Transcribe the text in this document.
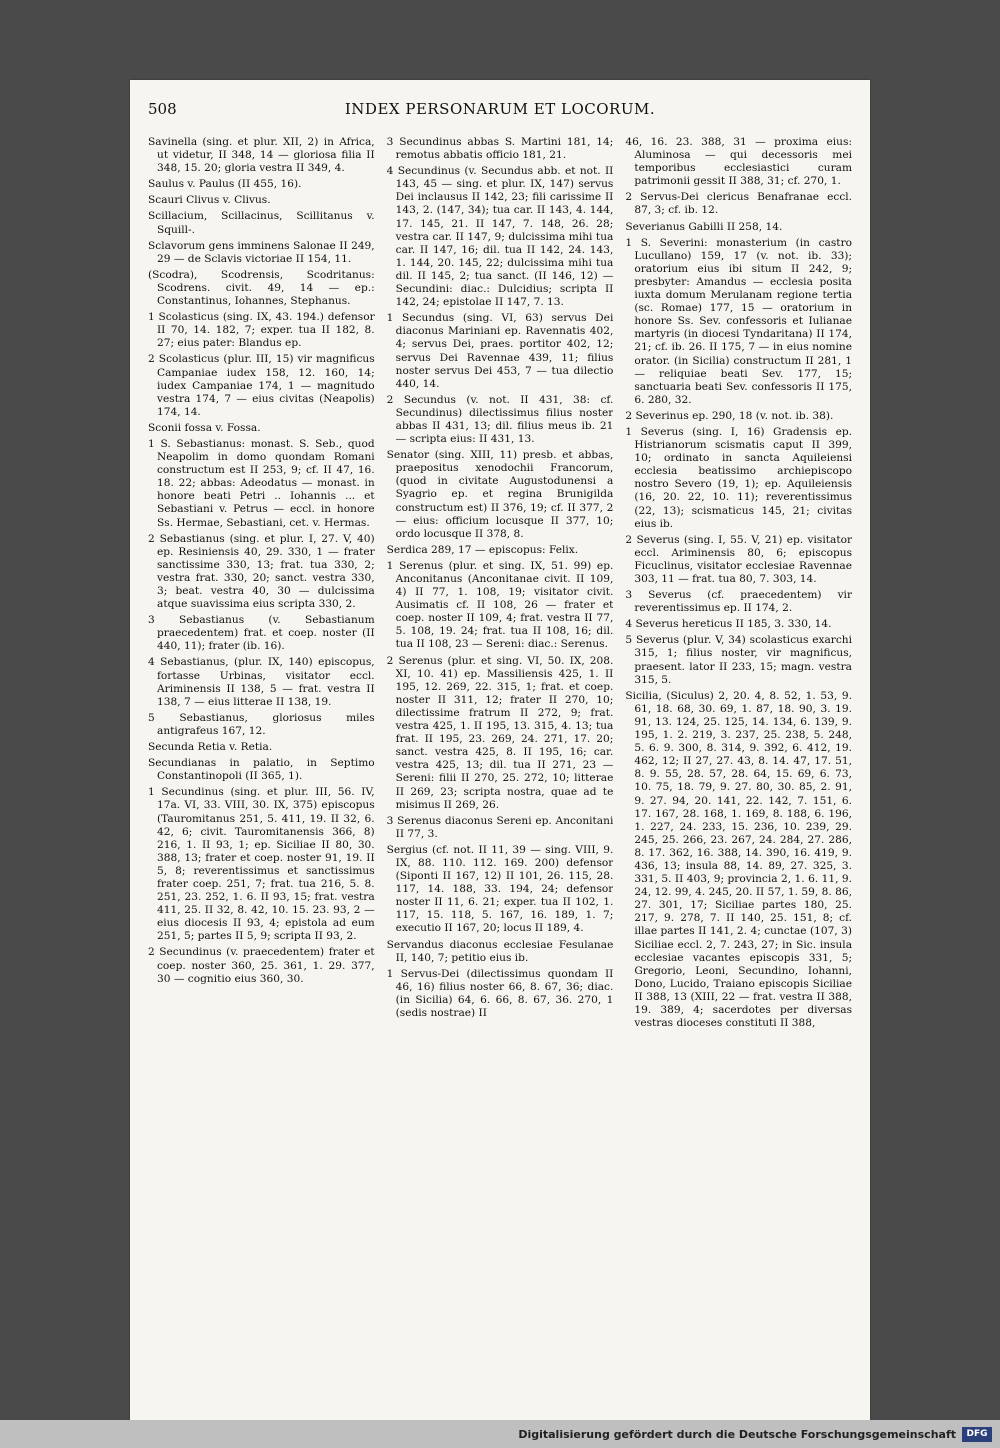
508	INDEX PERSONARUM ET LOCORUM.

Savinella (sing. et plur. XII, 2) in Africa, ut videtur, II 348, 14 — gloriosa filia II 348, 15. 20; gloria vestra II 349, 4.

Saulus v. Paulus (II 455, 16).

Scauri Clivus v. Clivus.

Scillacium, Scillacinus, Scillitanus v. Squill-.

Sclavorum gens imminens Salonae II 249, 29 — de Sclavis victoriae II 154, 11.

(Scodra), Scodrensis, Scodritanus: Scodrens. civit. 49, 14 — ep.: Constantinus, Iohannes, Stephanus.

1 Scolasticus (sing. IX, 43. 194.) defensor II 70, 14. 182, 7; exper. tua II 182, 8. 27; eius pater: Blandus ep.

2 Scolasticus (plur. III, 15) vir magnificus Campaniae iudex 158, 12. 160, 14; iudex Campaniae 174, 1 — magnitudo vestra 174, 7 — eius civitas (Neapolis) 174, 14.

Sconii fossa v. Fossa.

1 S. Sebastianus: monast. S. Seb., quod Neapolim in domo quondam Romani constructum est II 253, 9; cf. II 47, 16. 18. 22; abbas: Adeodatus — monast. in honore beati Petri .. Iohannis ... et Sebastiani v. Petrus — eccl. in honore Ss. Hermae, Sebastiani, cet. v. Hermas.

2 Sebastianus (sing. et plur. I, 27. V, 40) ep. Resiniensis 40, 29. 330, 1 — frater sanctissime 330, 13; frat. tua 330, 2; vestra frat. 330, 20; sanct. vestra 330, 3; beat. vestra 40, 30 — dulcissima atque suavissima eius scripta 330, 2.

3 Sebastianus (v. Sebastianum praecedentem) frat. et coep. noster (II 440, 11); frater (ib. 16).

4 Sebastianus, (plur. IX, 140) episcopus, fortasse Urbinas, visitator eccl. Ariminensis II 138, 5 — frat. vestra II 138, 7 — eius litterae II 138, 19.

5 Sebastianus, gloriosus miles antigrafeus 167, 12.

Secunda Retia v. Retia.

Secundianas in palatio, in Septimo Constantinopoli (II 365, 1).

1 Secundinus (sing. et plur. III, 56. IV, 17a. VI, 33. VIII, 30. IX, 375) episcopus (Tauromitanus 251, 5. 411, 19. II 32, 6. 42, 6; civit. Tauromitanensis 366, 8) 216, 1. II 93, 1; ep. Siciliae II 80, 30. 388, 13; frater et coep. noster 91, 19. II 5, 8; reverentissimus et sanctissimus frater coep. 251, 7; frat. tua 216, 5. 8. 251, 23. 252, 1. 6. II 93, 15; frat. vestra 411, 25. II 32, 8. 42, 10. 15. 23. 93, 2 — eius diocesis II 93, 4; epistola ad eum 251, 5; partes II 5, 9; scripta II 93, 2.

2 Secundinus (v. praecedentem) frater et coep. noster 360, 25. 361, 1. 29. 377, 30 — cognitio eius 360, 30.

3 Secundinus abbas S. Martini 181, 14; remotus abbatis officio 181, 21.

4 Secundinus (v. Secundus abb. et not. II 143, 45 — sing. et plur. IX, 147) servus Dei inclausus II 142, 23; fili carissime II 143, 2. (147, 34); tua car. II 143, 4. 144, 17. 145, 21. II 147, 7. 148, 26. 28; vestra car. II 147, 9; dulcissima mihi tua car. II 147, 16; dil. tua II 142, 24. 143, 1. 144, 20. 145, 22; dulcissima mihi tua dil. II 145, 2; tua sanct. (II 146, 12) — Secundini: diac.: Dulcidius; scripta II 142, 24; epistolae II 147, 7. 13.

1 Secundus (sing. VI, 63) servus Dei diaconus Mariniani ep. Ravennatis 402, 4; servus Dei, praes. portitor 402, 12; servus Dei Ravennae 439, 11; filius noster servus Dei 453, 7 — tua dilectio 440, 14.

2 Secundus (v. not. II 431, 38: cf. Secundinus) dilectissimus filius noster abbas II 431, 13; dil. filius meus ib. 21 — scripta eius: II 431, 13.

Senator (sing. XIII, 11) presb. et abbas, praepositus xenodochii Francorum, (quod in civitate Augustodunensi a Syagrio ep. et regina Brunigilda constructum est) II 376, 19; cf. II 377, 2 — eius: officium locusque II 377, 10; ordo locusque II 378, 8.

Serdica 289, 17 — episcopus: Felix.

1 Serenus (plur. et sing. IX, 51. 99) ep. Anconitanus (Anconitanae civit. II 109, 4) II 77, 1. 108, 19; visitator civit. Ausimatis cf. II 108, 26 — frater et coep. noster II 109, 4; frat. vestra II 77, 5. 108, 19. 24; frat. tua II 108, 16; dil. tua II 108, 23 — Sereni: diac.: Serenus.

2 Serenus (plur. et sing. VI, 50. IX, 208. XI, 10. 41) ep. Massiliensis 425, 1. II 195, 12. 269, 22. 315, 1; frat. et coep. noster II 311, 12; frater II 270, 10; dilectissime fratrum II 272, 9; frat. vestra 425, 1. II 195, 13. 315, 4. 13; tua frat. II 195, 23. 269, 24. 271, 17. 20; sanct. vestra 425, 8. II 195, 16; car. vestra 425, 13; dil. tua II 271, 23 — Sereni: filii II 270, 25. 272, 10; litterae II 269, 23; scripta nostra, quae ad te misimus II 269, 26.

3 Serenus diaconus Sereni ep. Anconitani II 77, 3.

Sergius (cf. not. II 11, 39 — sing. VIII, 9. IX, 88. 110. 112. 169. 200) defensor (Siponti II 167, 12) II 101, 26. 115, 28. 117, 14. 188, 33. 194, 24; defensor noster II 11, 6. 21; exper. tua II 102, 1. 117, 15. 118, 5. 167, 16. 189, 1. 7; executio II 167, 20; locus II 189, 4.

Servandus diaconus ecclesiae Fesulanae II, 140, 7; petitio eius ib.

1 Servus-Dei (dilectissimus quondam II 46, 16) filius noster 66, 8. 67, 36; diac. (in Sicilia) 64, 6. 66, 8. 67, 36. 270, 1 (sedis nostrae) II

46, 16. 23. 388, 31 — proxima eius: Aluminosa — qui decessoris mei temporibus ecclesiastici curam patrimonii gessit II 388, 31; cf. 270, 1.

2 Servus-Dei clericus Benafranae eccl. 87, 3; cf. ib. 12.

Severianus Gabilli II 258, 14.

1 S. Severini: monasterium (in castro Lucullano) 159, 17 (v. not. ib. 33); oratorium eius ibi situm II 242, 9; presbyter: Amandus — ecclesia posita iuxta domum Merulanam regione tertia (sc. Romae) 177, 15 — oratorium in honore Ss. Sev. confessoris et Iulianae martyris (in diocesi Tyndaritana) II 174, 21; cf. ib. 26. II 175, 7 — in eius nomine orator. (in Sicilia) constructum II 281, 1 — reliquiae beati Sev. 177, 15; sanctuaria beati Sev. confessoris II 175, 6. 280, 32.

2 Severinus ep. 290, 18 (v. not. ib. 38).

1 Severus (sing. I, 16) Gradensis ep. Histrianorum scismatis caput II 399, 10; ordinato in sancta Aquileiensi ecclesia beatissimo archiepiscopo nostro Severo (19, 1); ep. Aquileiensis (16, 20. 22, 10. 11); reverentissimus (22, 13); scismaticus 145, 21; civitas eius ib.

2 Severus (sing. I, 55. V, 21) ep. visitator eccl. Ariminensis 80, 6; episcopus Ficuclinus, visitator ecclesiae Ravennae 303, 11 — frat. tua 80, 7. 303, 14.

3 Severus (cf. praecedentem) vir reverentissimus ep. II 174, 2.

4 Severus hereticus II 185, 3. 330, 14.

5 Severus (plur. V, 34) scolasticus exarchi 315, 1; filius noster, vir magnificus, praesent. lator II 233, 15; magn. vestra 315, 5.

Sicilia, (Siculus) 2, 20. 4, 8. 52, 1. 53, 9. 61, 18. 68, 30. 69, 1. 87, 18. 90, 3. 19. 91, 13. 124, 25. 125, 14. 134, 6. 139, 9. 195, 1. 2. 219, 3. 237, 25. 238, 5. 248, 5. 6. 9. 300, 8. 314, 9. 392, 6. 412, 19. 462, 12; II 27, 27. 43, 8. 14. 47, 17. 51, 8. 9. 55, 28. 57, 28. 64, 15. 69, 6. 73, 10. 75, 18. 79, 9. 27. 80, 30. 85, 2. 91, 9. 27. 94, 20. 141, 22. 142, 7. 151, 6. 17. 167, 28. 168, 1. 169, 8. 188, 6. 196, 1. 227, 24. 233, 15. 236, 10. 239, 29. 245, 25. 266, 23. 267, 24. 284, 27. 286, 8. 17. 362, 16. 388, 14. 390, 16. 419, 9. 436, 13; insula 88, 14. 89, 27. 325, 3. 331, 5. II 403, 9; provincia 2, 1. 6. 11, 9. 24, 12. 99, 4. 245, 20. II 57, 1. 59, 8. 86, 27. 301, 17; Siciliae partes 180, 25. 217, 9. 278, 7. II 140, 25. 151, 8; cf. illae partes II 141, 2. 4; cunctae (107, 3) Siciliae eccl. 2, 7. 243, 27; in Sic. insula ecclesiae vacantes episcopis 331, 5; Gregorio, Leoni, Secundino, Iohanni, Dono, Lucido, Traiano episcopis Siciliae II 388, 13 (XIII, 22 — frat. vestra II 388, 19. 389, 4; sacerdotes per diversas vestras dioceses constituti II 388,

Digitalisierung gefördert durch die Deutsche Forschungsgemeinschaft	DFG
